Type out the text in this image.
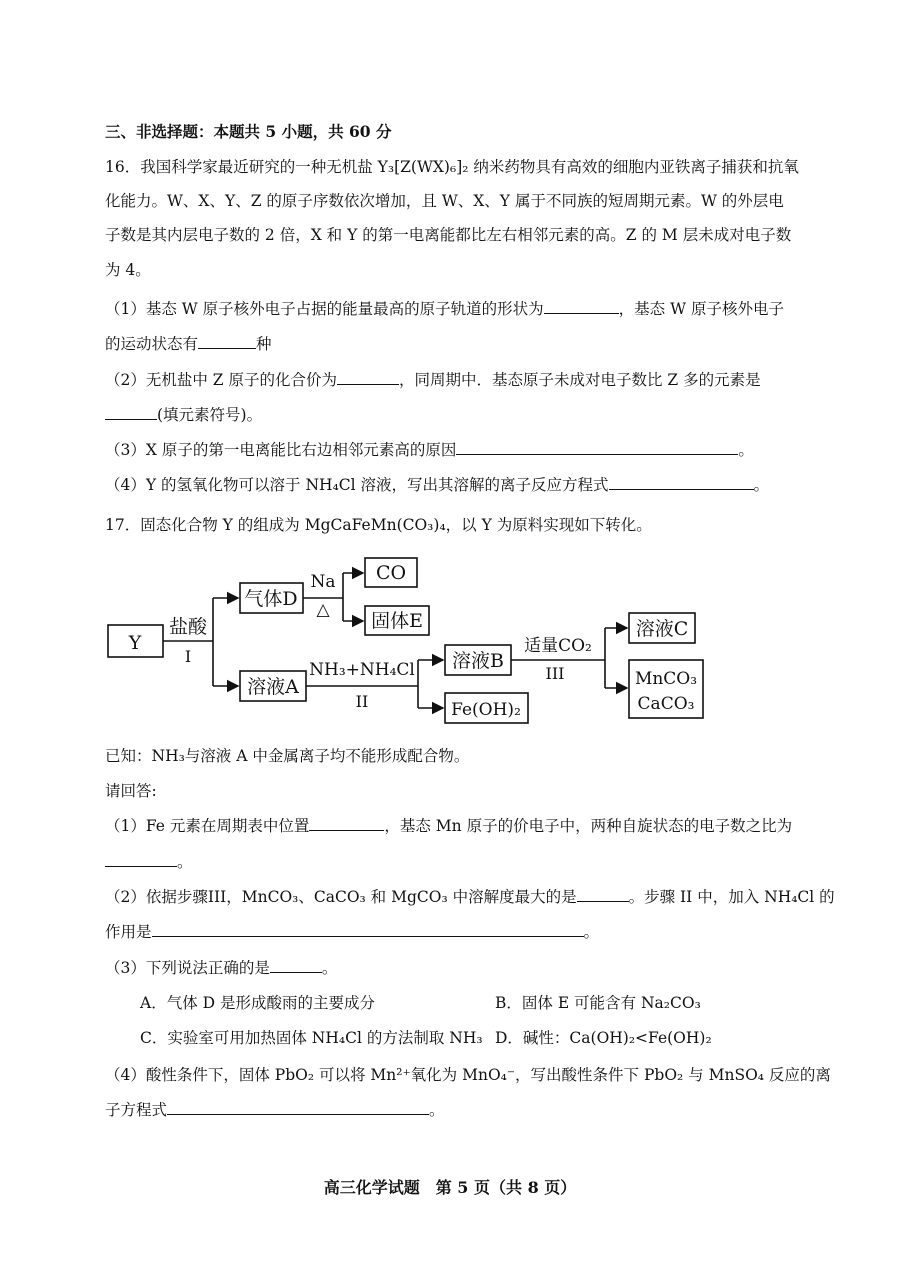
三、非选择题：本题共 5 小题，共 60 分
16．我国科学家最近研究的一种无机盐 Y₃[Z(WX)₆]₂ 纳米药物具有高效的细胞内亚铁离子捕获和抗氧
化能力。W、X、Y、Z 的原子序数依次增加，且 W、X、Y 属于不同族的短周期元素。W 的外层电
子数是其内层电子数的 2 倍，X 和 Y 的第一电离能都比左右相邻元素的高。Z 的 M 层未成对电子数
为 4。
（1）基态 W 原子核外电子占据的能量最高的原子轨道的形状为	，基态 W 原子核外电子
的运动状态有	种
（2）无机盐中 Z 原子的化合价为	，同周期中．基态原子未成对电子数比 Z 多的元素是
(填元素符号)。
（3）X 原子的第一电离能比右边相邻元素高的原因	。
（4）Y 的氢氧化物可以溶于 NH₄Cl 溶液，写出其溶解的离子反应方程式	。
17．固态化合物 Y 的组成为 MgCaFeMn(CO₃)₄，以 Y 为原料实现如下转化。
Y
盐酸
I
气体D
Na
△
CO
固体E
溶液A
NH₃+NH₄Cl
II
溶液B
Fe(OH)₂
适量CO₂
III
溶液C
MnCO₃
CaCO₃
已知：NH₃与溶液 A 中金属离子均不能形成配合物。
请回答:
（1）Fe 元素在周期表中位置	，基态 Mn 原子的价电子中，两种自旋状态的电子数之比为
。
（2）依据步骤III，MnCO₃、CaCO₃ 和 MgCO₃ 中溶解度最大的是	。步骤 II 中，加入 NH₄Cl 的
作用是	。
（3）下列说法正确的是	。
A．气体 D 是形成酸雨的主要成分	B．固体 E 可能含有 Na₂CO₃
C．实验室可用加热固体 NH₄Cl 的方法制取 NH₃ D．碱性：Ca(OH)₂<Fe(OH)₂
（4）酸性条件下，固体 PbO₂ 可以将 Mn²⁺氧化为 MnO₄⁻，写出酸性条件下 PbO₂ 与 MnSO₄ 反应的离
子方程式	。
高三化学试题　第 5 页（共 8 页）
